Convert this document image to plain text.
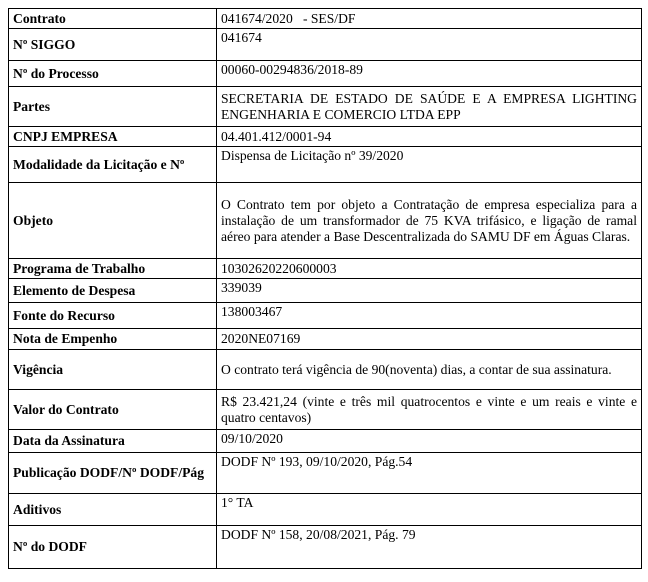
Contrato	041674/2020   - SES/DF

Nº SIGGO	041674

Nº do Processo	00060-00294836/2018-89

Partes	SECRETARIA DE ESTADO DE SAÚDE E A EMPRESA LIGHTING ENGENHARIA E COMERCIO LTDA EPP

CNPJ EMPRESA	04.401.412/0001-94

Modalidade da Licitação e Nº	Dispensa de Licitação nº 39/2020

Objeto	O Contrato tem por objeto a Contratação de empresa especializa para a instalação de um transformador de 75 KVA trifásico, e ligação de ramal aéreo para atender a Base Descentralizada do SAMU DF em Águas Claras.

Programa de Trabalho	10302620220600003

Elemento de Despesa	339039

Fonte do Recurso	138003467

Nota de Empenho	2020NE07169

Vigência	O contrato terá vigência de 90(noventa) dias, a contar de sua assinatura.

Valor do Contrato	R$ 23.421,24 (vinte e três mil quatrocentos e vinte e um reais e vinte e quatro centavos)

Data da Assinatura	09/10/2020

Publicação DODF/Nº DODF/Pág	DODF Nº 193, 09/10/2020, Pág.54

Aditivos	1° TA

Nº do DODF	DODF Nº 158, 20/08/2021, Pág. 79
